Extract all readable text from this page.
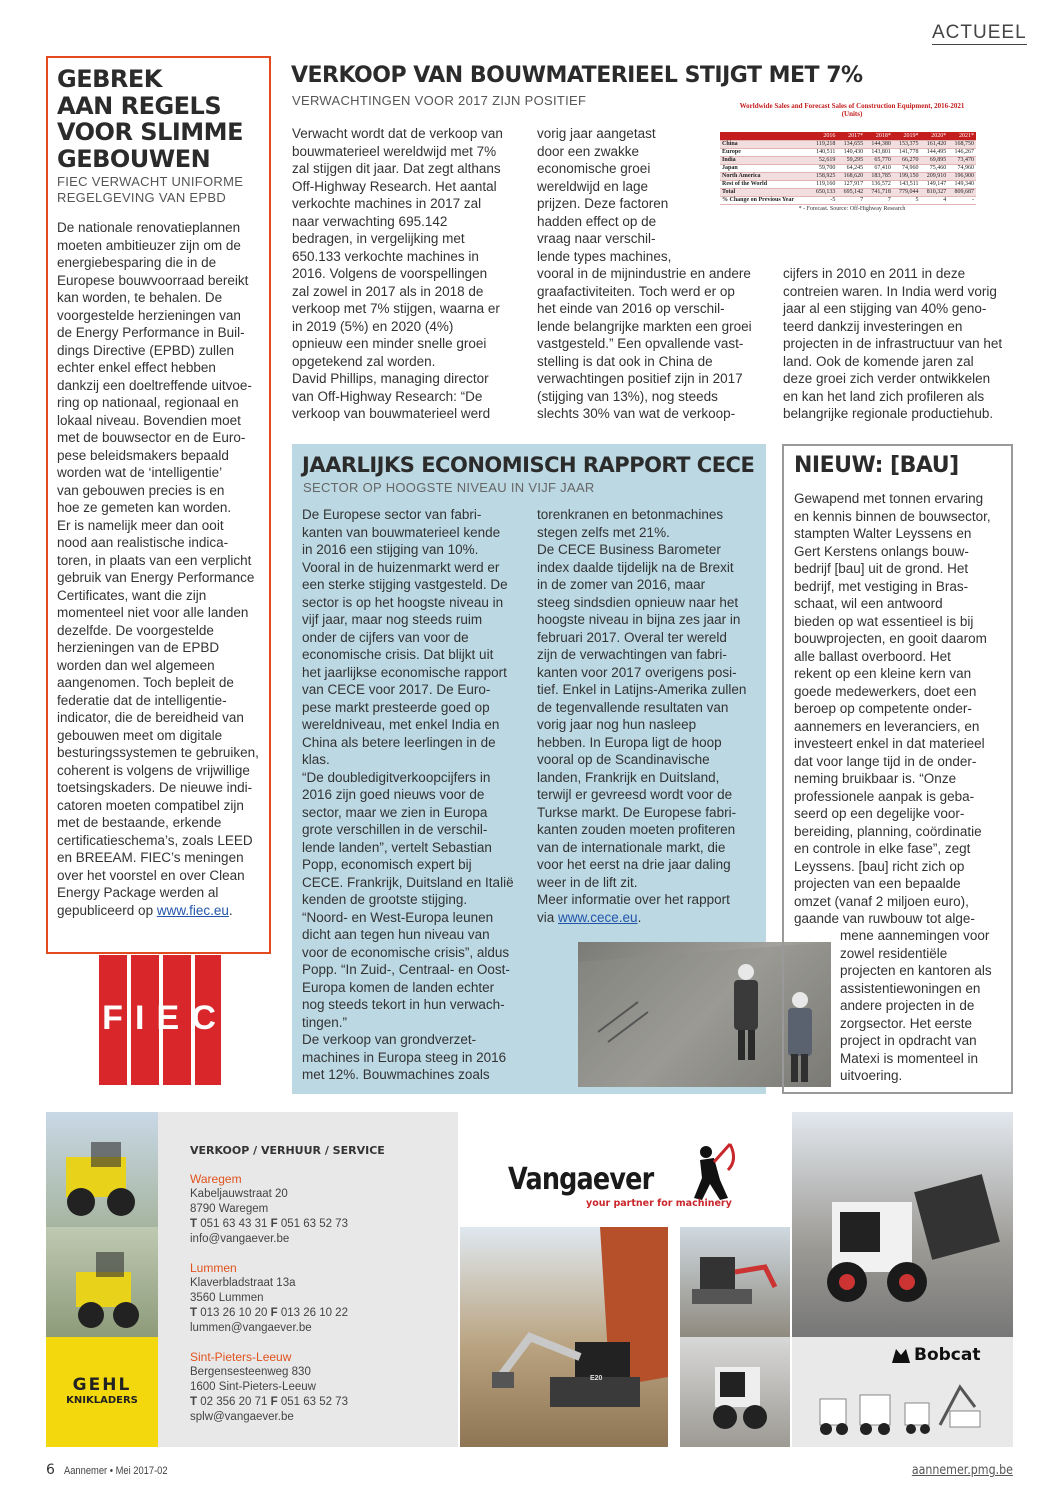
ACTUEEL
GEBREK
AAN REGELS
VOOR SLIMME
GEBOUWEN
FIEC VERWACHT UNIFORME
REGELGEVING VAN EPBD
De nationale renovatieplannen
moeten ambitieuzer zijn om de
energiebesparing die in de
Europese bouwvoorraad bereikt
kan worden, te behalen. De
voorgestelde herzieningen van
de Energy Performance in Buil-
dings Directive (EPBD) zullen
echter enkel effect hebben
dankzij een doeltreffende uitvoe-
ring op nationaal, regionaal en
lokaal niveau. Bovendien moet
met de bouwsector en de Euro-
pese beleidsmakers bepaald
worden wat de ‘intelligentie’
van gebouwen precies is en
hoe ze gemeten kan worden.
Er is namelijk meer dan ooit
nood aan realistische indica-
toren, in plaats van een verplicht
gebruik van Energy Performance
Certificates, want die zijn
momenteel niet voor alle landen
dezelfde. De voorgestelde
herzieningen van de EPBD
worden dan wel algemeen
aangenomen. Toch bepleit de
federatie dat de intelligentie-
indicator, die de bereidheid van
gebouwen meet om digitale
besturingssystemen te gebruiken,
coherent is volgens de vrijwillige
toetsingskaders. De nieuwe indi-
catoren moeten compatibel zijn
met de bestaande, erkende
certificatieschema’s, zoals LEED
en BREEAM. FIEC’s meningen
over het voorstel en over Clean
Energy Package werden al
gepubliceerd op www.fiec.eu.
F I E C
VERKOOP VAN BOUWMATERIEEL STIJGT MET 7%
VERWACHTINGEN VOOR 2017 ZIJN POSITIEF
Verwacht wordt dat de verkoop van
bouwmaterieel wereldwijd met 7%
zal stijgen dit jaar. Dat zegt althans
Off-Highway Research. Het aantal
verkochte machines in 2017 zal
naar verwachting 695.142
bedragen, in vergelijking met
650.133 verkochte machines in
2016. Volgens de voorspellingen
zal zowel in 2017 als in 2018 de
verkoop met 7% stijgen, waarna er
in 2019 (5%) en 2020 (4%)
opnieuw een minder snelle groei
opgetekend zal worden.
David Phillips, managing director
van Off-Highway Research: “De
verkoop van bouwmaterieel werd
vorig jaar aangetast
door een zwakke
economische groei
wereldwijd en lage
prijzen. Deze factoren
hadden effect op de
vraag naar verschil-
lende types machines,
vooral in de mijnindustrie en andere
graafactiviteiten. Toch werd er op
het einde van 2016 op verschil-
lende belangrijke markten een groei
vastgesteld.” Een opvallende vast-
stelling is dat ook in China de
verwachtingen positief zijn in 2017
(stijging van 13%), nog steeds
slechts 30% van wat de verkoop-
cijfers in 2010 en 2011 in deze
contreien waren. In India werd vorig
jaar al een stijging van 40% geno-
teerd dankzij investeringen en
projecten in de infrastructuur van het
land. Ook de komende jaren zal
deze groei zich verder ontwikkelen
en kan het land zich profileren als
belangrijke regionale productiehub.
Worldwide Sales and Forecast Sales of Construction Equipment, 2016-2021
(Units)
	2016	2017*	2018*	2019*	2020*	2021*
China	119,218	134,655	144,380	153,375	161,420	168,750
Europe	140,511	140,430	143,801	141,778	144,495	146,267
India	52,619	59,295	65,770	66,270	69,895	73,470
Japan	59,700	64,245	67,410	74,960	75,460	74,960
North America	158,925	168,620	183,785	199,150	209,910	196,900
Rest of the World	119,160	127,917	136,572	143,511	149,147	149,340
Total	650,133	695,142	741,718	779,044	810,327	809,687
% Change on Previous Year	-5	7	7	5	4	-
* - Forecast. Source: Off-Highway Research
JAARLIJKS ECONOMISCH RAPPORT CECE
SECTOR OP HOOGSTE NIVEAU IN VIJF JAAR
De Europese sector van fabri-
kanten van bouwmaterieel kende
in 2016 een stijging van 10%.
Vooral in de huizenmarkt werd er
een sterke stijging vastgesteld. De
sector is op het hoogste niveau in
vijf jaar, maar nog steeds ruim
onder de cijfers van voor de
economische crisis. Dat blijkt uit
het jaarlijkse economische rapport
van CECE voor 2017. De Euro-
pese markt presteerde goed op
wereldniveau, met enkel India en
China als betere leerlingen in de
klas.
“De doubledigitverkoopcijfers in
2016 zijn goed nieuws voor de
sector, maar we zien in Europa
grote verschillen in de verschil-
lende landen”, vertelt Sebastian
Popp, economisch expert bij
CECE. Frankrijk, Duitsland en Italië
kenden de grootste stijging.
“Noord- en West-Europa leunen
dicht aan tegen hun niveau van
voor de economische crisis”, aldus
Popp. “In Zuid-, Centraal- en Oost-
Europa komen de landen echter
nog steeds tekort in hun verwach-
tingen.”
De verkoop van grondverzet-
machines in Europa steeg in 2016
met 12%. Bouwmachines zoals
torenkranen en betonmachines
stegen zelfs met 21%.
De CECE Business Barometer
index daalde tijdelijk na de Brexit
in de zomer van 2016, maar
steeg sindsdien opnieuw naar het
hoogste niveau in bijna zes jaar in
februari 2017. Overal ter wereld
zijn de verwachtingen van fabri-
kanten voor 2017 overigens posi-
tief. Enkel in Latijns-Amerika zullen
de tegenvallende resultaten van
vorig jaar nog hun nasleep
hebben. In Europa ligt de hoop
vooral op de Scandinavische
landen, Frankrijk en Duitsland,
terwijl er gevreesd wordt voor de
Turkse markt. De Europese fabri-
kanten zouden moeten profiteren
van de internationale markt, die
voor het eerst na drie jaar daling
weer in de lift zit.
Meer informatie over het rapport
via www.cece.eu.
NIEUW: [BAU]
Gewapend met tonnen ervaring
en kennis binnen de bouwsector,
stampten Walter Leyssens en
Gert Kerstens onlangs bouw-
bedrijf [bau] uit de grond. Het
bedrijf, met vestiging in Bras-
schaat, wil een antwoord
bieden op wat essentieel is bij
bouwprojecten, en gooit daarom
alle ballast overboord. Het
rekent op een kleine kern van
goede medewerkers, doet een
beroep op competente onder-
aannemers en leveranciers, en
investeert enkel in dat materieel
dat voor lange tijd in de onder-
neming bruikbaar is. “Onze
professionele aanpak is geba-
seerd op een degelijke voor-
bereiding, planning, coördinatie
en controle in elke fase”, zegt
Leyssens. [bau] richt zich op
projecten van een bepaalde
omzet (vanaf 2 miljoen euro),
gaande van ruwbouw tot alge-
mene aannemingen voor
zowel residentiële
projecten en kantoren als
assistentiewoningen en
andere projecten in de
zorgsector. Het eerste
project in opdracht van
Matexi is momenteel in
uitvoering.
GEHL
KNIKLADERS
VERKOOP / VERHUUR / SERVICE
Waregem
Kabeljauwstraat 20
8790 Waregem
T 051 63 43 31 F 051 63 52 73
info@vangaever.be
Lummen
Klaverbladstraat 13a
3560 Lummen
T 013 26 10 20 F 013 26 10 22
lummen@vangaever.be
Sint-Pieters-Leeuw
Bergensesteenweg 830
1600 Sint-Pieters-Leeuw
T 02 356 20 71 F 051 63 52 73
splw@vangaever.be
Vangaever
your partner for machinery
E20
Bobcat
6 Aannemer • Mei 2017-02	aannemer.pmg.be
